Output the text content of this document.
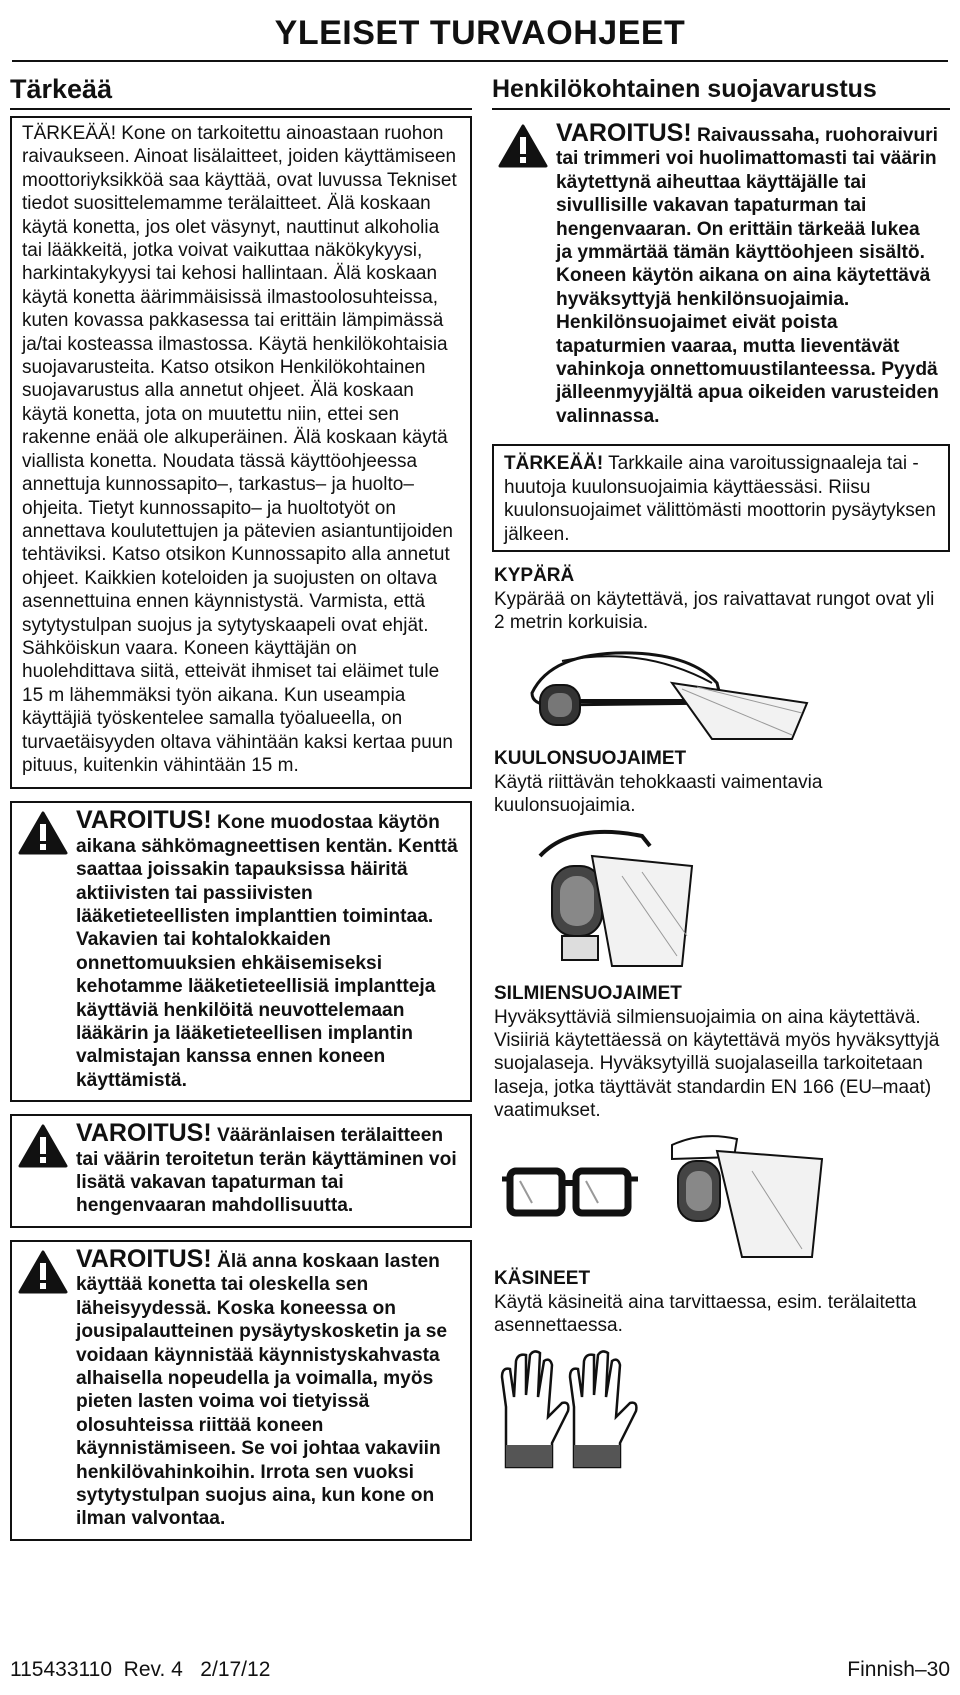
YLEISET TURVAOHJEET
Tärkeää

TÄRKEÄÄ! Kone on tarkoitettu ainoastaan ruohon raivaukseen. Ainoat lisälaitteet, joiden käyttämiseen moottoriyksikköä saa käyttää, ovat luvussa Tekniset tiedot suosittelemamme terälaitteet. Älä koskaan käytä konetta, jos olet väsynyt, nauttinut alkoholia tai lääkkeitä, jotka voivat vaikuttaa näkökykyysi, harkintakykyysi tai kehosi hallintaan. Älä koskaan käytä konetta äärimmäisissä ilmastoolosuhteissa, kuten kovassa pakkasessa tai erittäin lämpimässä ja/tai kosteassa ilmastossa. Käytä henkilökohtaisia suojavarusteita. Katso otsikon Henkilökohtainen suojavarustus alla annetut ohjeet. Älä koskaan käytä konetta, jota on muutettu niin, ettei sen rakenne enää ole alkuperäinen. Älä koskaan käytä viallista konetta. Noudata tässä käyttöohjeessa annettuja kunnossapito–, tarkastus– ja huolto–ohjeita. Tietyt kunnossapito– ja huoltotyöt on annettava koulutettujen ja pätevien asiantuntijoiden tehtäviksi. Katso otsikon Kunnossapito alla annetut ohjeet. Kaikkien koteloiden ja suojusten on oltava asennettuina ennen käynnistystä. Varmista, että sytytystulpan suojus ja sytytyskaapeli ovat ehjät. Sähköiskun vaara. Koneen käyttäjän on huolehdittava siitä, etteivät ihmiset tai eläimet tule 15 m lähemmäksi työn aikana. Kun useampia käyttäjiä työskentelee samalla työalueella, on turvaetäisyyden oltava vähintään kaksi kertaa puun pituus, kuitenkin vähintään 15 m.

VAROITUS! Kone muodostaa käytön aikana sähkömagneettisen kentän. Kenttä saattaa joissakin tapauksissa häiritä aktiivisten tai passiivisten lääketieteellisten implanttien toimintaa. Vakavien tai kohtalokkaiden onnettomuuksien ehkäisemiseksi kehotamme lääketieteellisiä implantteja käyttäviä henkilöitä neuvottelemaan lääkärin ja lääketieteellisen implantin valmistajan kanssa ennen koneen käyttämistä.

VAROITUS! Vääränlaisen terälaitteen tai väärin teroitetun terän käyttäminen voi lisätä vakavan tapaturman tai hengenvaaran mahdollisuutta.

VAROITUS! Älä anna koskaan lasten käyttää konetta tai oleskella sen läheisyydessä. Koska koneessa on jousipalautteinen pysäytyskosketin ja se voidaan käynnistää käynnistyskahvasta alhaisella nopeudella ja voimalla, myös pieten lasten voima voi tietyissä olosuhteissa riittää koneen käynnistämiseen. Se voi johtaa vakaviin henkilövahinkoihin. Irrota sen vuoksi sytytystulpan suojus aina, kun kone on ilman valvontaa.

Henkilökohtainen suojavarustus

VAROITUS! Raivaussaha, ruohoraivuri tai trimmeri voi huolimattomasti tai väärin käytettynä aiheuttaa käyttäjälle tai sivullisille vakavan tapaturman tai hengenvaaran. On erittäin tärkeää lukea ja ymmärtää tämän käyttöohjeen sisältö. Koneen käytön aikana on aina käytettävä hyväksyttyjä henkilönsuojaimia. Henkilönsuojaimet eivät poista tapaturmien vaaraa, mutta lieventävät vahinkoja onnettomuustilanteessa. Pyydä jälleenmyyjältä apua oikeiden varusteiden valinnassa.

TÄRKEÄÄ! Tarkkaile aina varoitussignaaleja tai -huutoja kuulonsuojaimia käyttäessäsi. Riisu kuulonsuojaimet välittömästi moottorin pysäytyksen jälkeen.

KYPÄRÄ

Kypärää on käytettävä, jos raivattavat rungot ovat yli 2 metrin korkuisia.

KUULONSUOJAIMET

Käytä riittävän tehokkaasti vaimentavia kuulonsuojaimia.

SILMIENSUOJAIMET

Hyväksyttäviä silmiensuojaimia on aina käytettävä. Visiiriä käytettäessä on käytettävä myös hyväksyttyjä suojalaseja. Hyväksytyillä suojalaseilla tarkoitetaan laseja, jotka täyttävät standardin EN 166 (EU–maat) vaatimukset.

KÄSINEET

Käytä käsineitä aina tarvittaessa, esim. terälaitetta asennettaessa.

115433110  Rev. 4   2/17/12	Finnish–30
